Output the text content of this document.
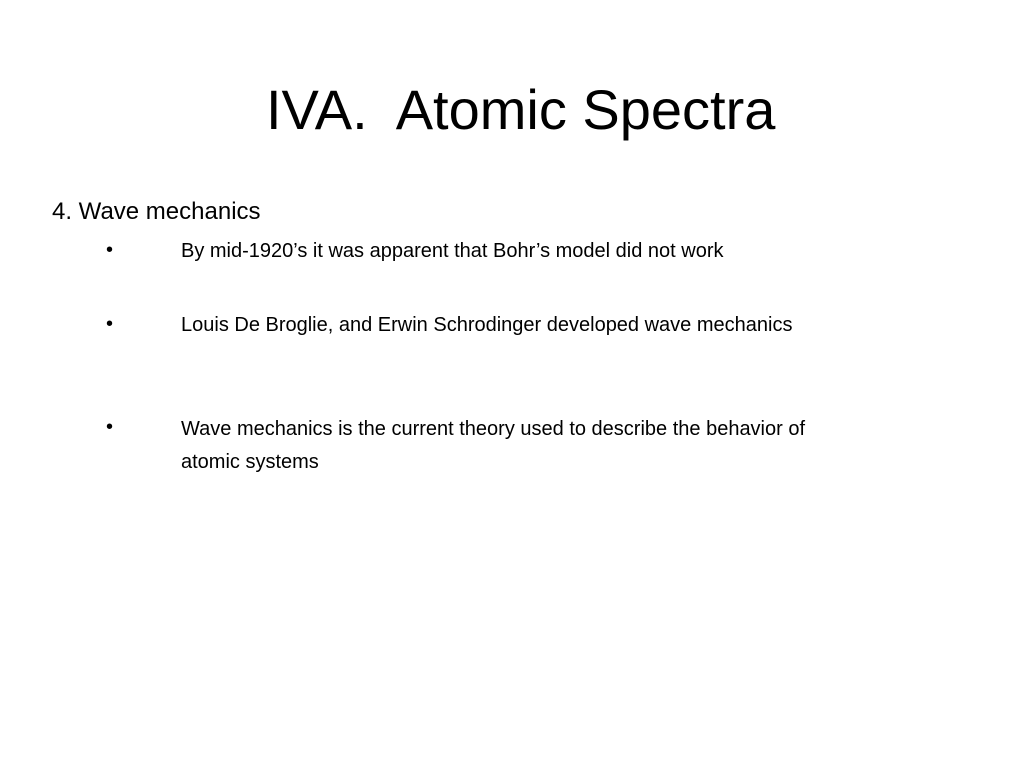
IVA.  Atomic Spectra
4. Wave mechanics
•	By mid-1920’s it was apparent that Bohr’s model did not work
•	Louis De Broglie, and Erwin Schrodinger developed wave mechanics
•	Wave mechanics is the current theory used to describe the behavior of atomic systems
